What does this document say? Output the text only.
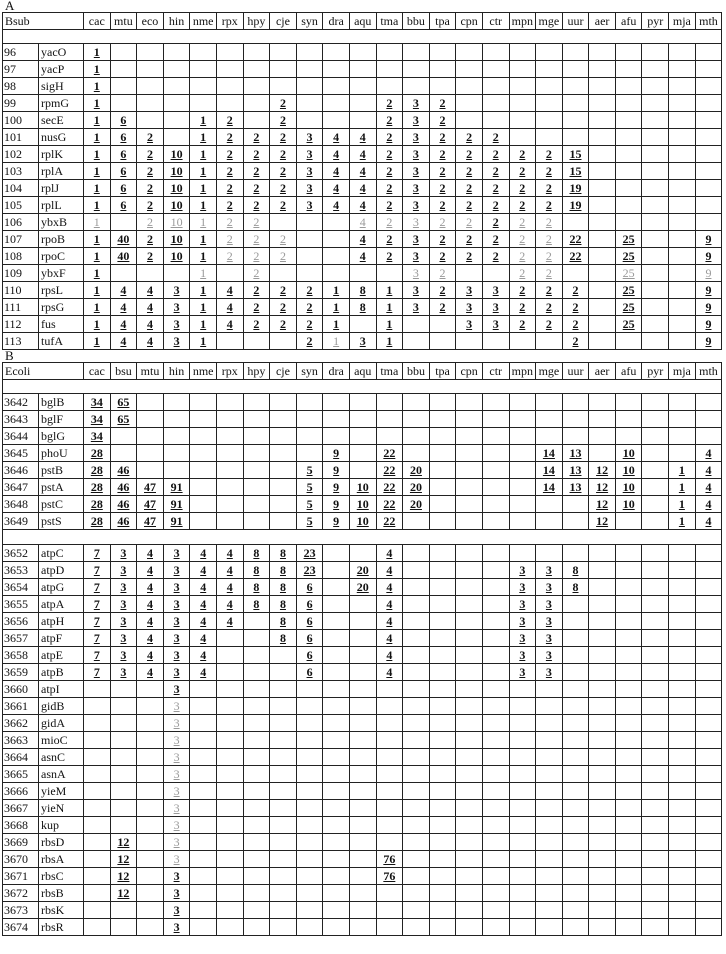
A
Bsub		cac	mtu	eco	hin	nme	rpx	hpy	cje	syn	dra	aqu	tma	bbu	tpa	cpn	ctr	mpn	mge	uur	aer	afu	pyr	mja	mth

96	yacO	1																							
97	yacP	1																							
98	sigH	1																							
99	rpmG	1							2				2	3	2										
100	secE	1	6			1	2		2				2	3	2										
101	nusG	1	6	2		1	2	2	2	3	4	4	2	3	2	2	2								
102	rplK	1	6	2	10	1	2	2	2	3	4	4	2	3	2	2	2	2	2	15					
103	rplA	1	6	2	10	1	2	2	2	3	4	4	2	3	2	2	2	2	2	15					
104	rplJ	1	6	2	10	1	2	2	2	3	4	4	2	3	2	2	2	2	2	19					
105	rplL	1	6	2	10	1	2	2	2	3	4	4	2	3	2	2	2	2	2	19					
106	ybxB	1		2	10	1	2	2				4	2	3	2	2	2	2	2						
107	rpoB	1	40	2	10	1	2	2	2			4	2	3	2	2	2	2	2	22		25			9
108	rpoC	1	40	2	10	1	2	2	2			4	2	3	2	2	2	2	2	22		25			9
109	ybxF	1				1		2						3	2			2	2			25			9
110	rpsL	1	4	4	3	1	4	2	2	2	1	8	1	3	2	3	3	2	2	2		25			9
111	rpsG	1	4	4	3	1	4	2	2	2	1	8	1	3	2	3	3	2	2	2		25			9
112	fus	1	4	4	3	1	4	2	2	2	1		1			3	3	2	2	2		25			9
113	tufA	1	4	4	3	1				2	1	3	1							2					9
B
Ecoli		cac	bsu	mtu	hin	nme	rpx	hpy	cje	syn	dra	aqu	tma	bbu	tpa	cpn	ctr	mpn	mge	uur	aer	afu	pyr	mja	mth

3642	bglB	34	65																						
3643	bglF	34	65																						
3644	bglG	34																							
3645	phoU	28									9		22						14	13		10			4
3646	pstB	28	46							5	9		22	20					14	13	12	10		1	4
3647	pstA	28	46	47	91					5	9	10	22	20					14	13	12	10		1	4
3648	pstC	28	46	47	91					5	9	10	22	20							12	10		1	4
3649	pstS	28	46	47	91					5	9	10	22								12			1	4

3652	atpC	7	3	4	3	4	4	8	8	23			4												
3653	atpD	7	3	4	3	4	4	8	8	23		20	4					3	3	8					
3654	atpG	7	3	4	3	4	4	8	8	6		20	4					3	3	8					
3655	atpA	7	3	4	3	4	4	8	8	6			4					3	3						
3656	atpH	7	3	4	3	4	4		8	6			4					3	3						
3657	atpF	7	3	4	3	4			8	6			4					3	3						
3658	atpE	7	3	4	3	4				6			4					3	3						
3659	atpB	7	3	4	3	4				6			4					3	3						
3660	atpI				3																				
3661	gidB				3																				
3662	gidA				3																				
3663	mioC				3																				
3664	asnC				3																				
3665	asnA				3																				
3666	yieM				3																				
3667	yieN				3																				
3668	kup				3																				
3669	rbsD		12		3																				
3670	rbsA		12		3								76												
3671	rbsC		12		3								76												
3672	rbsB		12		3																				
3673	rbsK				3																				
3674	rbsR				3																				
